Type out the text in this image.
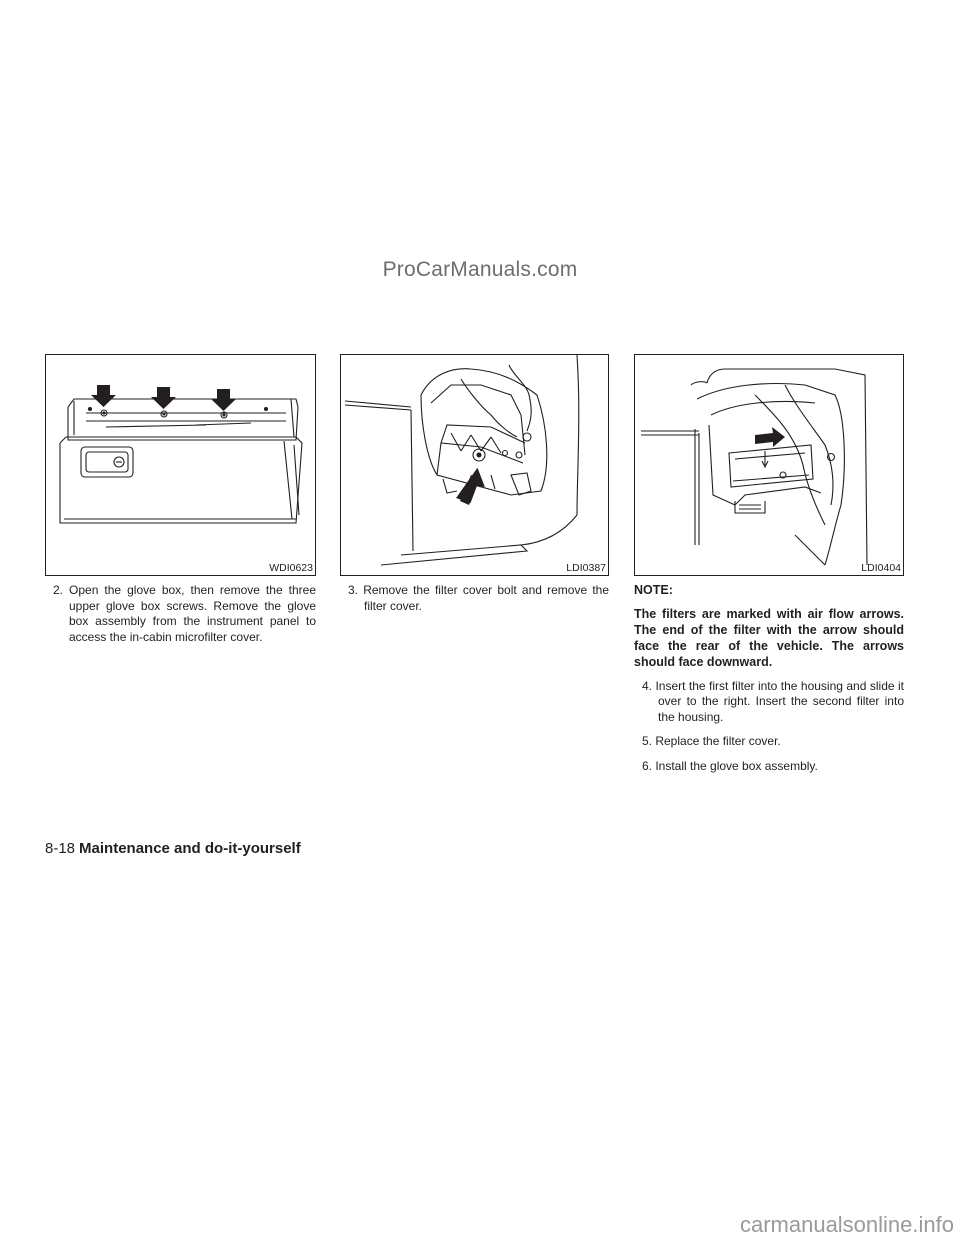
ProCarManuals.com
WDI0623	LDI0387	LDI0404

2. Open the glove box, then remove the three upper glove box screws. Remove the glove box assembly from the instrument panel to access the in-cabin microfilter cover.

3. Remove the filter cover bolt and remove the filter cover.

NOTE:

The filters are marked with air flow arrows. The end of the filter with the arrow should face the rear of the vehicle. The arrows should face downward.

4. Insert the first filter into the housing and slide it over to the right. Insert the second filter into the housing.

5. Replace the filter cover.

6. Install the glove box assembly.

8-18 Maintenance and do-it-yourself
carmanualsonline.info
